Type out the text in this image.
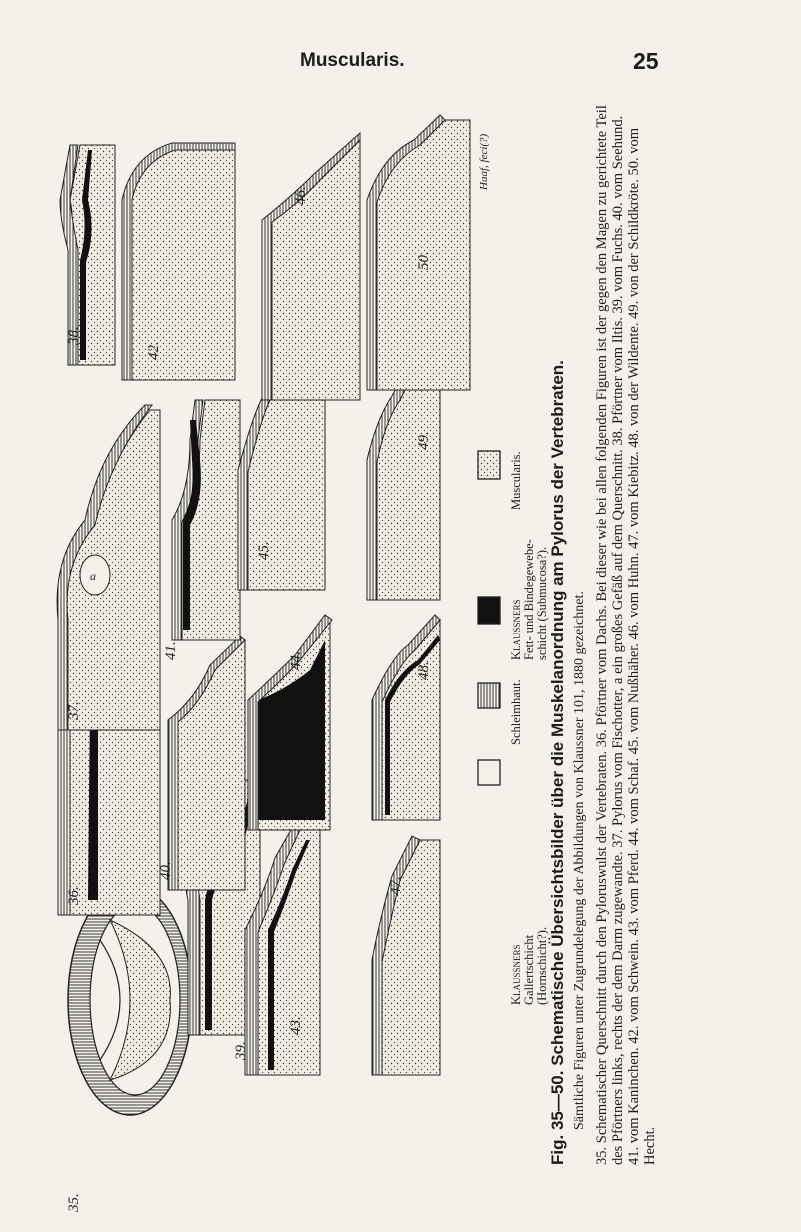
Muscularis.	25
a
35.
36.
37.
38.
39.
40.
41.
42.
43.
44.
45.
46.
47.
48.
49.
50.
Klaussners Gallertschicht (Hornschicht?).
Schleimhaut.
Klaussners Fett- und Bindegewebe- schicht (Submucosa?).
Muscularis.
Haaf, feci(?)
Fig. 35—50. Schematische Übersichtsbilder über die Muskelanordnung am Pylorus der Vertebraten. Sämtliche Figuren unter Zugrundelegung der Abbildungen von Klaussner 101, 1880 gezeichnet. 35. Schematischer Querschnitt durch den Pyloruswulst der Vertebraten. 36. Pförtner vom Dachs. Bei dieser wie bei allen folgenden Figuren ist der gegen den Magen zu gerichtete Teil des Pförtners links, rechts der dem Darm zugewandte. 37. Pylorus vom Fischotter, a ein großes Gefäß auf dem Querschnitt. 38. Pförtner vom Iltis. 39. vom Fuchs. 40. vom Seehund. 41. vom Kaninchen. 42. vom Schwein. 43. vom Pferd. 44. vom Schaf. 45. vom Nußhäher. 46. vom Huhn. 47. vom Kiebitz. 48. von der Wildente. 49. von der Schildkröte. 50. vom Hecht.
